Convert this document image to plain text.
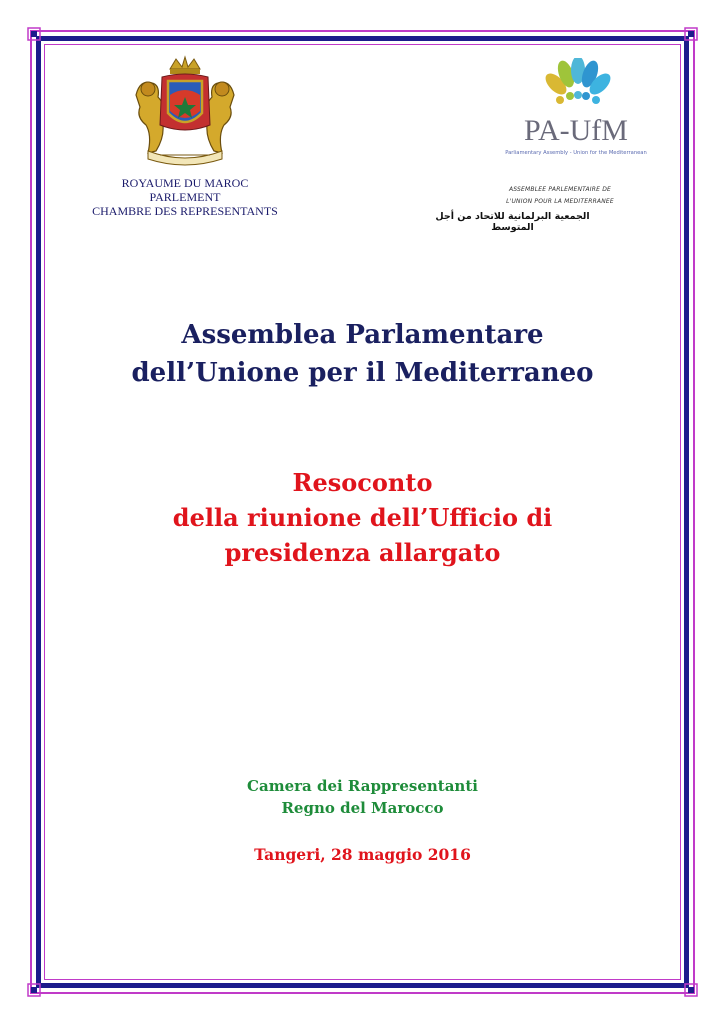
ROYAUME DU MAROC
PARLEMENT
CHAMBRE DES REPRESENTANTS
PA-UfM
Parliamentary Assembly - Union for the Mediterranean
ASSEMBLEE PARLEMENTAIRE DE
L'UNION POUR LA MEDITERRANEE
الجمعية البرلمانية للاتحاد من أجل المتوسط
Assemblea Parlamentare
dell’Unione per il Mediterraneo
Resoconto
della riunione dell’Ufficio di
presidenza allargato
Camera dei Rappresentanti
Regno del Marocco
Tangeri, 28 maggio 2016
